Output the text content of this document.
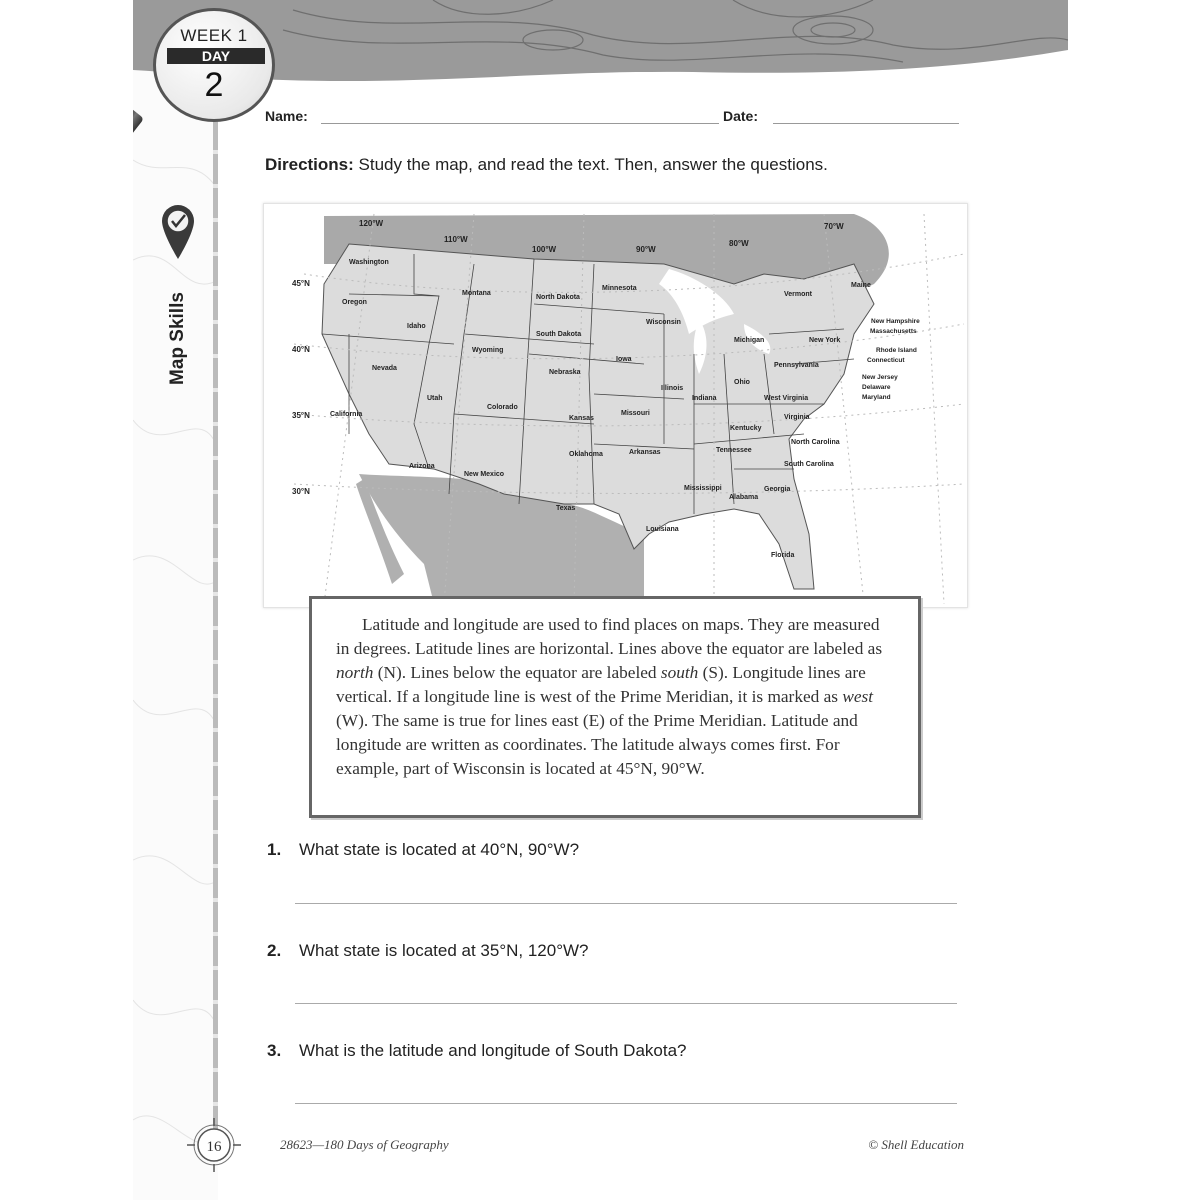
WEEK 1
DAY
2
Map Skills
Name:	Date:
Directions: Study the map, and read the text. Then, answer the questions.
120°W
110°W
100°W	90°W
80°W
70°W
45°N
40°N
35°N
30°N
Washington
Oregon
California
Idaho
Nevada
Montana
Wyoming
Utah
Arizona
Colorado
New Mexico
North Dakota
South Dakota
Nebraska
Kansas
Oklahoma
Texas
Minnesota
Iowa
Missouri
Arkansas
Louisiana
Wisconsin
Illinois
Michigan
Indiana
Ohio
Kentucky
Tennessee
Mississippi
Alabama
Georgia
Florida
South Carolina
North Carolina
Virginia
West Virginia
Pennsylvania
New York
Vermont
Maine
New Hampshire
Massachusetts
Rhode Island
Connecticut
New Jersey
Delaware
Maryland

Latitude and longitude are used to find places on maps. They are measured in degrees. Latitude lines are horizontal. Lines above the equator are labeled as north (N). Lines below the equator are labeled south (S). Longitude lines are vertical. If a longitude line is west of the Prime Meridian, it is marked as west (W). The same is true for lines east (E) of the Prime Meridian. Latitude and longitude are written as coordinates. The latitude always comes first. For example, part of Wisconsin is located at 45°N, 90°W.

1. What state is located at 40°N, 90°W?
2. What state is located at 35°N, 120°W?
3. What is the latitude and longitude of South Dakota?
16	28623—180 Days of Geography	© Shell Education
